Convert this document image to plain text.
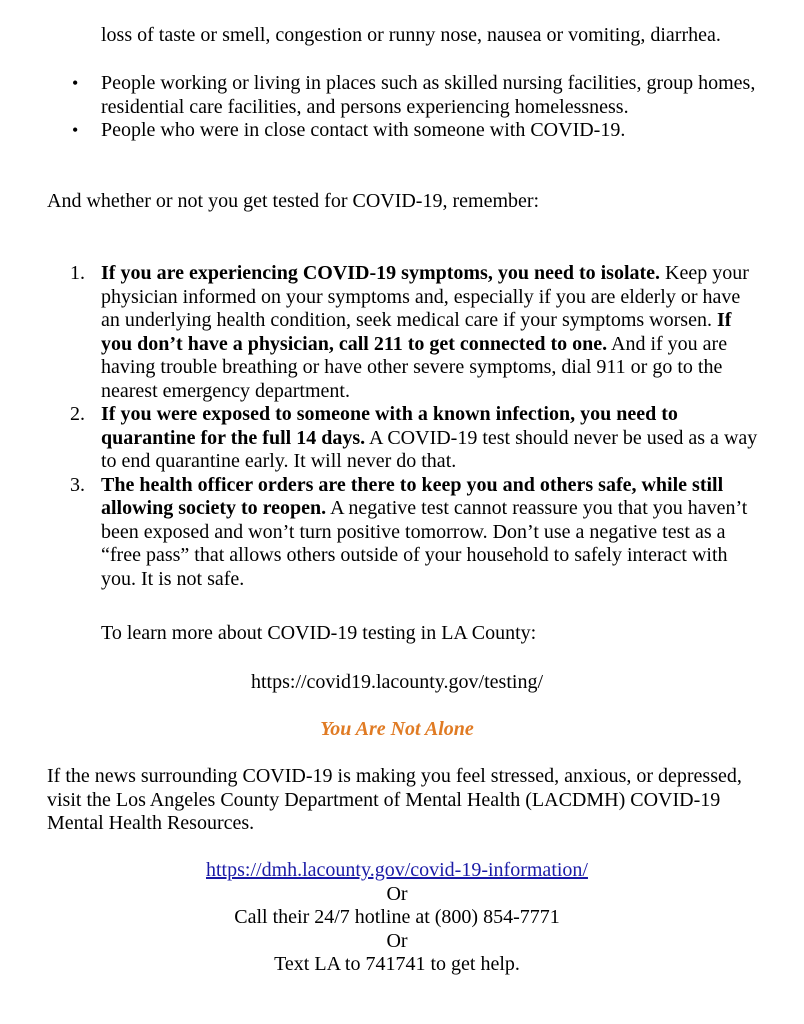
loss of taste or smell, congestion or runny nose, nausea or vomiting, diarrhea.

• People working or living in places such as skilled nursing facilities, group homes, residential care facilities, and persons experiencing homelessness.
• People who were in close contact with someone with COVID-19.

And whether or not you get tested for COVID-19, remember:

1. If you are experiencing COVID-19 symptoms, you need to isolate. Keep your physician informed on your symptoms and, especially if you are elderly or have an underlying health condition, seek medical care if your symptoms worsen. If you don’t have a physician, call 211 to get connected to one. And if you are having trouble breathing or have other severe symptoms, dial 911 or go to the nearest emergency department.
2. If you were exposed to someone with a known infection, you need to quarantine for the full 14 days. A COVID-19 test should never be used as a way to end quarantine early. It will never do that.
3. The health officer orders are there to keep you and others safe, while still allowing society to reopen. A negative test cannot reassure you that you haven’t been exposed and won’t turn positive tomorrow. Don’t use a negative test as a “free pass” that allows others outside of your household to safely interact with you. It is not safe.

To learn more about COVID-19 testing in LA County:

https://covid19.lacounty.gov/testing/

You Are Not Alone

If the news surrounding COVID-19 is making you feel stressed, anxious, or depressed, visit the Los Angeles County Department of Mental Health (LACDMH) COVID-19 Mental Health Resources.

https://dmh.lacounty.gov/covid-19-information/
Or
Call their 24/7 hotline at (800) 854-7771
Or
Text LA to 741741 to get help.
